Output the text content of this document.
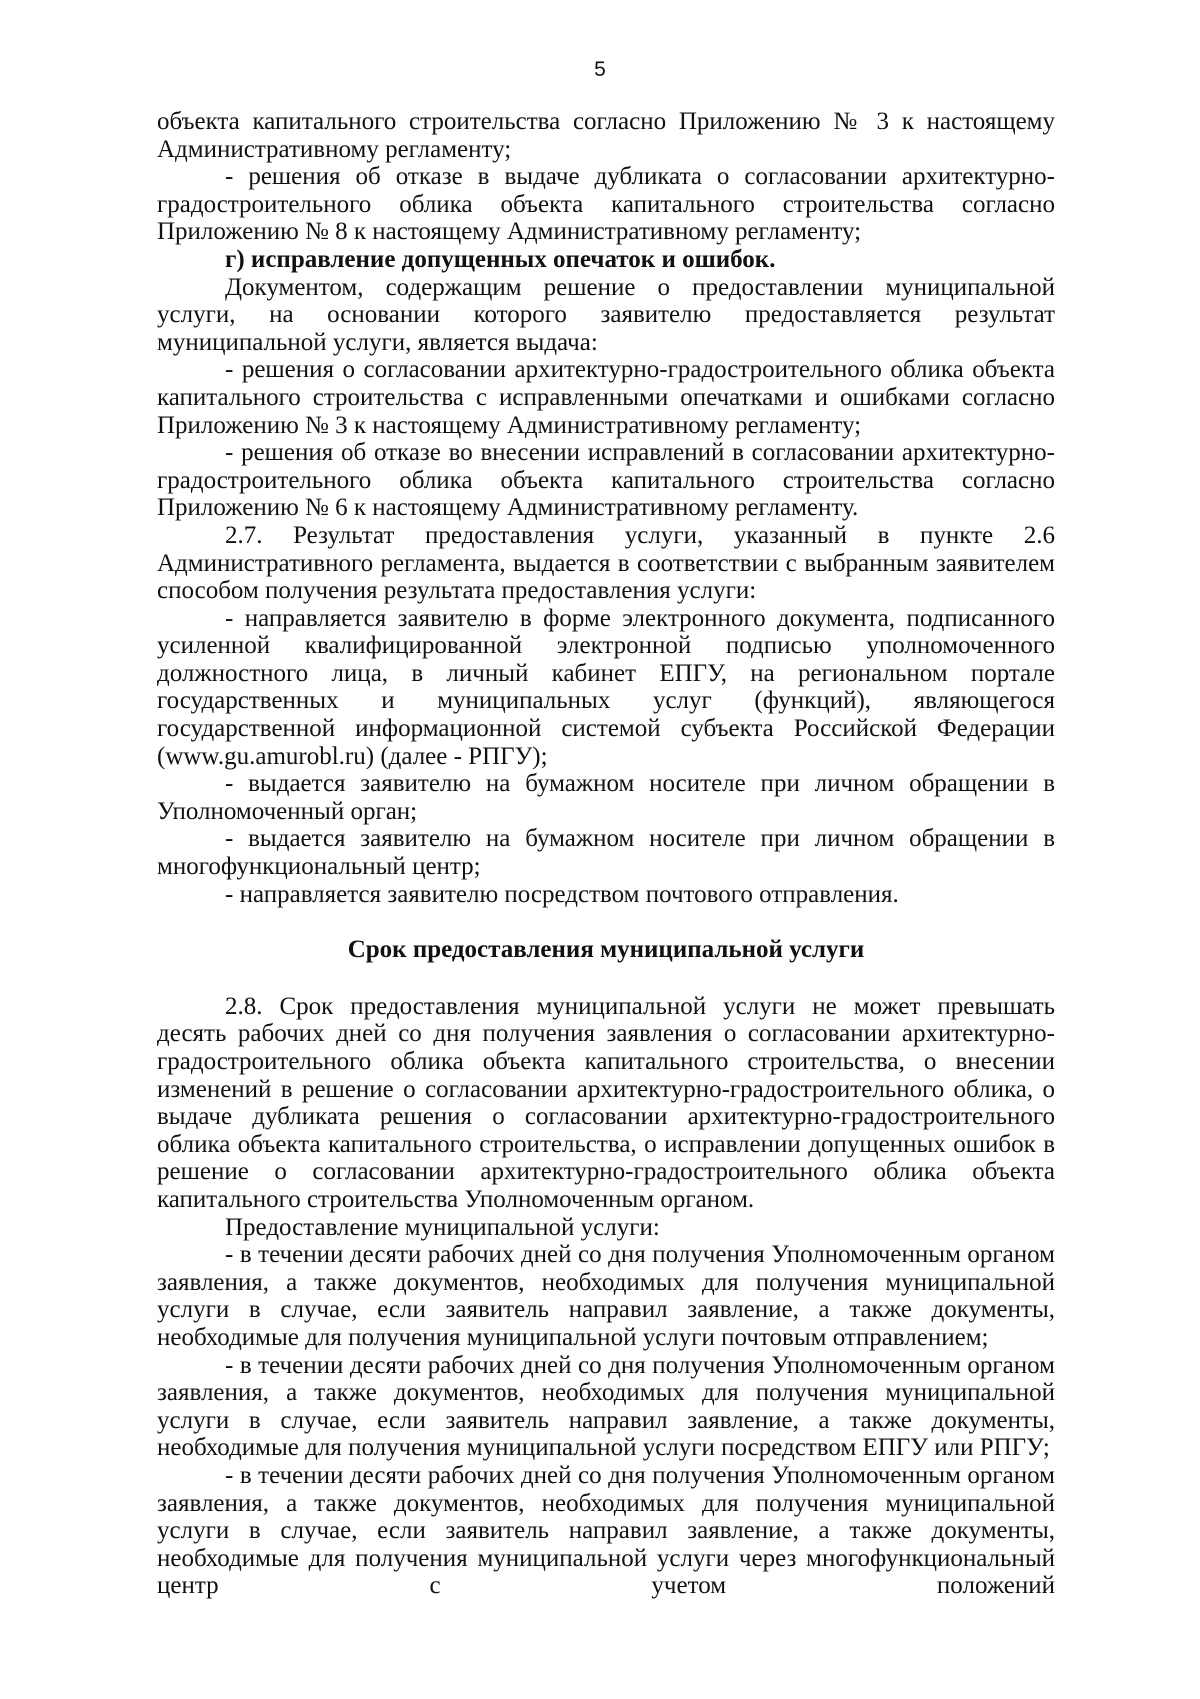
5

объекта капитального строительства согласно Приложению № 3 к настоящему Административному регламенту;

- решения об отказе в выдаче дубликата о согласовании архитектурно-градостроительного облика объекта капитального строительства согласно Приложению № 8 к настоящему Административному регламенту;

г) исправление допущенных опечаток и ошибок.

Документом, содержащим решение о предоставлении муниципальной услуги, на основании которого заявителю предоставляется результат муниципальной услуги, является выдача:

- решения о согласовании архитектурно-градостроительного облика объекта капитального строительства с исправленными опечатками и ошибками согласно Приложению № 3 к настоящему Административному регламенту;

- решения об отказе во внесении исправлений в согласовании архитектурно-градостроительного облика объекта капитального строительства согласно Приложению № 6 к настоящему Административному регламенту.

2.7. Результат предоставления услуги, указанный в пункте 2.6 Административного регламента, выдается в соответствии с выбранным заявителем способом получения результата предоставления услуги:

- направляется заявителю в форме электронного документа, подписанного усиленной квалифицированной электронной подписью уполномоченного должностного лица, в личный кабинет ЕПГУ, на региональном портале государственных и муниципальных услуг (функций), являющегося государственной информационной системой субъекта Российской Федерации (www.gu.amurobl.ru) (далее - РПГУ);

- выдается заявителю на бумажном носителе при личном обращении в Уполномоченный орган;

- выдается заявителю на бумажном носителе при личном обращении в многофункциональный центр;

- направляется заявителю посредством почтового отправления.

Срок предоставления муниципальной услуги

2.8. Срок предоставления муниципальной услуги не может превышать десять рабочих дней со дня получения заявления о согласовании архитектурно-градостроительного облика объекта капитального строительства, о внесении изменений в решение о согласовании архитектурно-градостроительного облика, о выдаче дубликата решения о согласовании архитектурно-градостроительного облика объекта капитального строительства, о исправлении допущенных ошибок в решение о согласовании архитектурно-градостроительного облика объекта капитального строительства Уполномоченным органом.

Предоставление муниципальной услуги:

- в течении десяти рабочих дней со дня получения Уполномоченным органом заявления, а также документов, необходимых для получения муниципальной услуги в случае, если заявитель направил заявление, а также документы, необходимые для получения муниципальной услуги почтовым отправлением;

- в течении десяти рабочих дней со дня получения Уполномоченным органом заявления, а также документов, необходимых для получения муниципальной услуги в случае, если заявитель направил заявление, а также документы, необходимые для получения муниципальной услуги посредством ЕПГУ или РПГУ;

- в течении десяти рабочих дней со дня получения Уполномоченным органом заявления, а также документов, необходимых для получения муниципальной услуги в случае, если заявитель направил заявление, а также документы, необходимые для получения муниципальной услуги через многофункциональный центр с учетом положений
